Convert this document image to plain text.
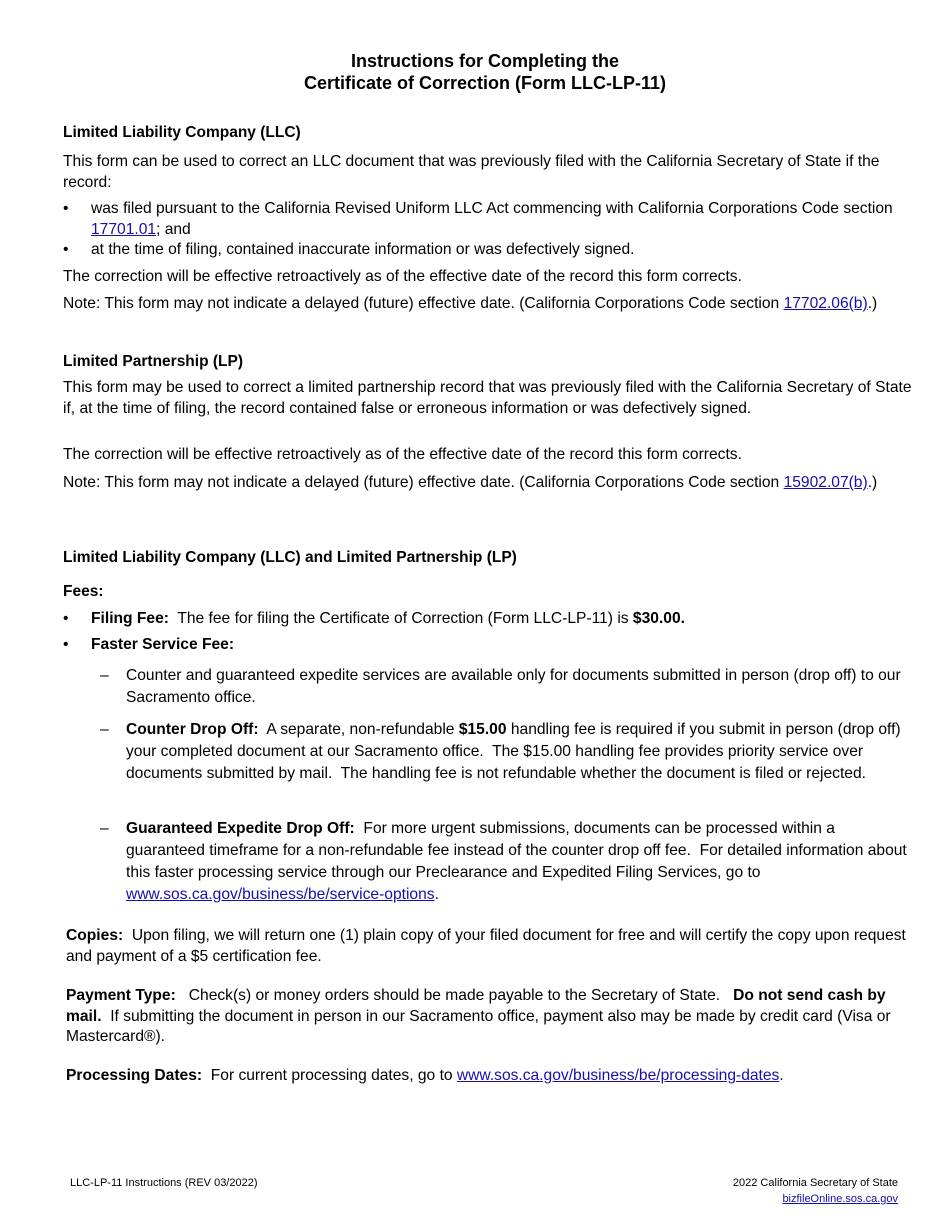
Instructions for Completing the
Certificate of Correction (Form LLC-LP-11)
Limited Liability Company (LLC)
This form can be used to correct an LLC document that was previously filed with the California Secretary of State if the record:
•	was filed pursuant to the California Revised Uniform LLC Act commencing with California Corporations Code section 17701.01; and
•	at the time of filing, contained inaccurate information or was defectively signed.
The correction will be effective retroactively as of the effective date of the record this form corrects.
Note: This form may not indicate a delayed (future) effective date. (California Corporations Code section 17702.06(b).)
Limited Partnership (LP)
This form may be used to correct a limited partnership record that was previously filed with the California Secretary of State if, at the time of filing, the record contained false or erroneous information or was defectively signed.
The correction will be effective retroactively as of the effective date of the record this form corrects.
Note: This form may not indicate a delayed (future) effective date. (California Corporations Code section 15902.07(b).)
Limited Liability Company (LLC) and Limited Partnership (LP)
Fees:
•	Filing Fee:  The fee for filing the Certificate of Correction (Form LLC-LP-11) is $30.00.
•	Faster Service Fee:
– Counter and guaranteed expedite services are available only for documents submitted in person (drop off) to our Sacramento office.
– Counter Drop Off:  A separate, non-refundable $15.00 handling fee is required if you submit in person (drop off) your completed document at our Sacramento office.  The $15.00 handling fee provides priority service over documents submitted by mail.  The handling fee is not refundable whether the document is filed or rejected.
– Guaranteed Expedite Drop Off:  For more urgent submissions, documents can be processed within a guaranteed timeframe for a non-refundable fee instead of the counter drop off fee.  For detailed information about this faster processing service through our Preclearance and Expedited Filing Services, go to www.sos.ca.gov/business/be/service-options.
Copies:  Upon filing, we will return one (1) plain copy of your filed document for free and will certify the copy upon request and payment of a $5 certification fee.
Payment Type:   Check(s) or money orders should be made payable to the Secretary of State.   Do not send cash by mail.  If submitting the document in person in our Sacramento office, payment also may be made by credit card (Visa or Mastercard®).
Processing Dates:  For current processing dates, go to www.sos.ca.gov/business/be/processing-dates.
LLC-LP-11 Instructions (REV 03/2022)	2022 California Secretary of State
bizfileOnline.sos.ca.gov
